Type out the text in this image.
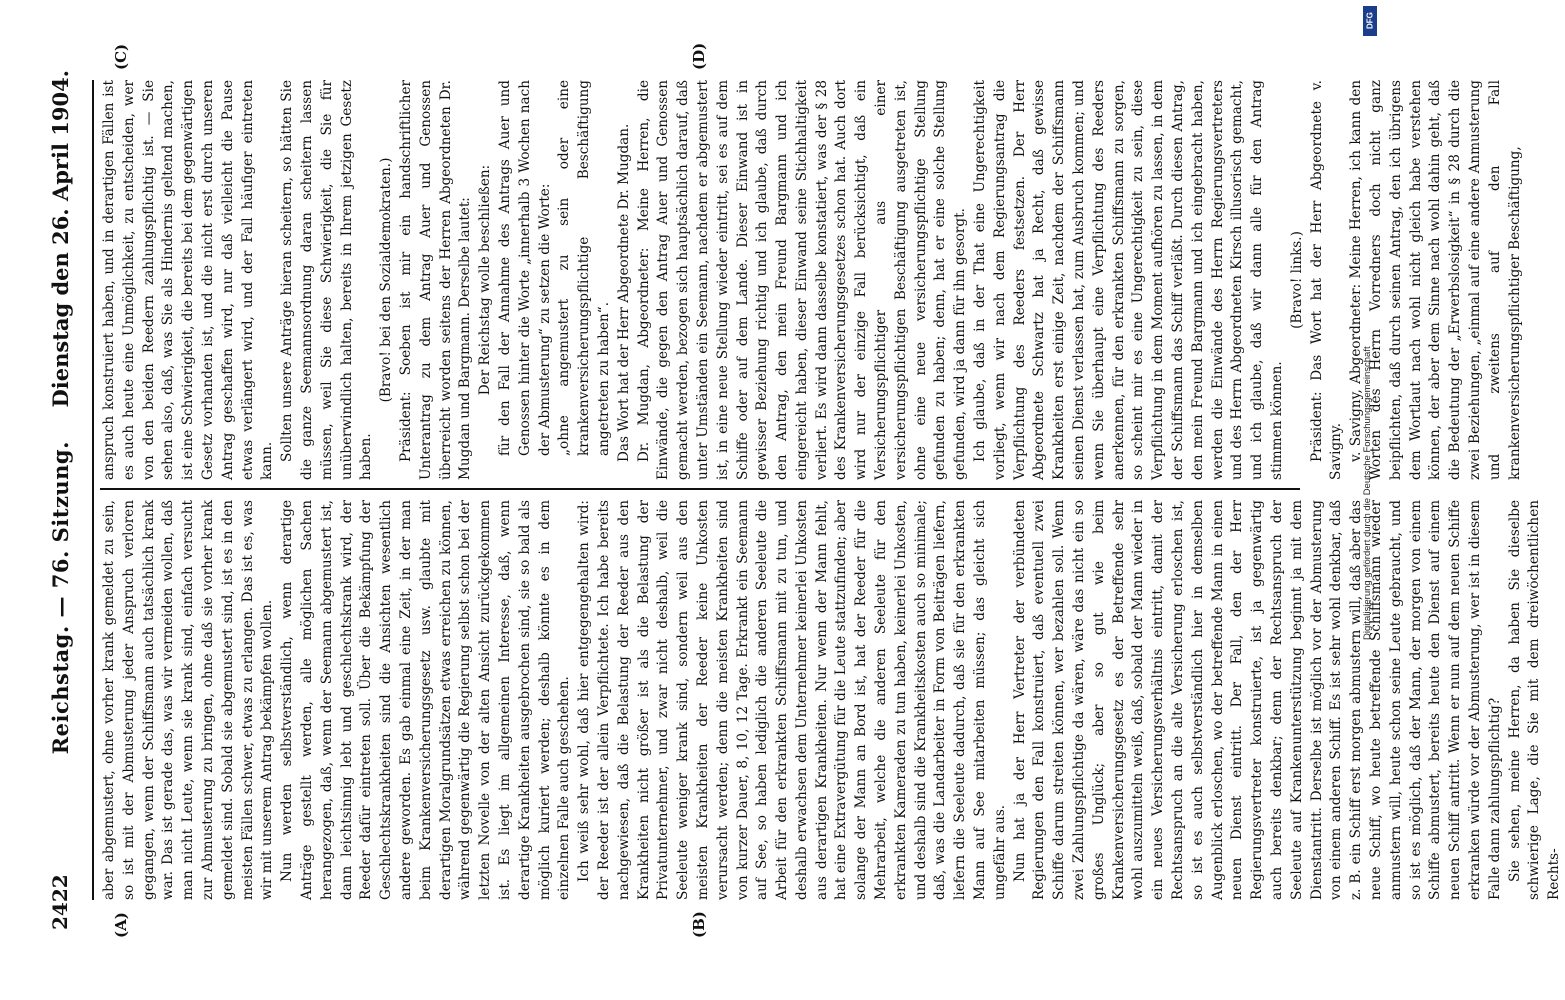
2422
Reichstag. — 76. Sitzung.
Dienstag den 26. April 1904.
(A)	(B)
(C)	(D)

aber abgemustert, ohne vorher krank gemeldet zu sein, so ist mit der Abmusterung jeder Anspruch verloren gegangen, wenn der Schiffsmann auch tatsächlich krank war. Das ist gerade das, was wir vermeiden wollen, daß man nicht Leute, wenn sie krank sind, einfach versucht zur Abmusterung zu bringen, ohne daß sie vorher krank gemeldet sind. Sobald sie abgemustert sind, ist es in den meisten Fällen schwer, etwas zu erlangen. Das ist es, was wir mit unserem Antrag bekämpfen wollen. Nun werden selbstverständlich, wenn derartige Anträge gestellt werden, alle möglichen Sachen herangezogen, daß, wenn der Seemann abgemustert ist, dann leichtsinnig lebt und geschlechtskrank wird, der Reeder dafür eintreten soll. Über die Bekämpfung der Geschlechtskrankheiten sind die Ansichten wesentlich andere geworden. Es gab einmal eine Zeit, in der man beim Krankenversicherungsgesetz usw. glaubte mit derartigen Moralgrundsätzen etwas erreichen zu können, während gegenwärtig die Regierung selbst schon bei der letzten Novelle von der alten Ansicht zurückgekommen ist. Es liegt im allgemeinen Interesse, daß, wenn derartige Krankheiten ausgebrochen sind, sie so bald als möglich kuriert werden; deshalb könnte es in dem einzelnen Falle auch geschehen. Ich weiß sehr wohl, daß hier entgegengehalten wird: der Reeder ist der allein Verpflichtete. Ich habe bereits nachgewiesen, daß die Belastung der Reeder aus den Krankheiten nicht größer ist als die Belastung der Privatunternehmer, und zwar nicht deshalb, weil die Seeleute weniger krank sind, sondern weil aus den meisten Krankheiten der Reeder keine Unkosten verursacht werden; denn die meisten Krankheiten sind von kurzer Dauer, 8, 10, 12 Tage. Erkrankt ein Seemann auf See, so haben lediglich die anderen Seeleute die Arbeit für den erkrankten Schiffsmann mit zu tun, und deshalb erwachsen dem Unternehmer keinerlei Unkosten aus derartigen Krankheiten. Nur wenn der Mann fehlt, hat eine Extravergütung für die Leute stattzufinden; aber solange der Mann an Bord ist, hat der Reeder für die Mehrarbeit, welche die anderen Seeleute für den erkrankten Kameraden zu tun haben, keinerlei Unkosten, und deshalb sind die Krankheitskosten auch so minimale; daß, was die Landarbeiter in Form von Beiträgen liefern, liefern die Seeleute dadurch, daß sie für den erkrankten Mann auf See mitarbeiten müssen; das gleicht sich ungefähr aus. Nun hat ja der Herr Vertreter der verbündeten Regierungen den Fall konstruiert, daß eventuell zwei Schiffe darum streiten können, wer bezahlen soll. Wenn zwei Zahlungspflichtige da wären, wäre das nicht ein so großes Unglück; aber so gut wie beim Krankenversicherungsgesetz es der Betreffende sehr wohl auszumitteln weiß, daß, sobald der Mann wieder in ein neues Versicherungsverhältnis eintritt, damit der Rechtsanspruch an die alte Versicherung erloschen ist, so ist es auch selbstverständlich hier in demselben Augenblick erloschen, wo der betreffende Mann in einen neuen Dienst eintritt. Der Fall, den der Herr Regierungsvertreter konstruierte, ist ja gegenwärtig auch bereits denkbar; denn der Rechtsanspruch der Seeleute auf Krankenunterstützung beginnt ja mit dem Dienstantritt. Derselbe ist möglich vor der Abmusterung von einem anderen Schiff. Es ist sehr wohl denkbar, daß z. B. ein Schiff erst morgen abmustern will, daß aber das neue Schiff, wo heute betreffende Schiffsmann wieder anmustern will, heute schon seine Leute gebraucht, und so ist es möglich, daß der Mann, der morgen von einem Schiffe abmustert, bereits heute den Dienst auf einem neuen Schiff antritt. Wenn er nun auf dem neuen Schiffe erkranken würde vor der Abmusterung, wer ist in diesem Falle dann zahlungspflichtig? Sie sehen, meine Herren, da haben Sie dieselbe schwierige Lage, die Sie mit dem dreiwöchentlichen Rechts-

anspruch konstruiert haben, und in derartigen Fällen ist es auch heute eine Unmöglichkeit, zu entscheiden, wer von den beiden Reedern zahlungspflichtig ist. — Sie sehen also, daß, was Sie als Hindernis geltend machen, ist eine Schwierigkeit, die bereits bei dem gegenwärtigen Gesetz vorhanden ist, und die nicht erst durch unseren Antrag geschaffen wird, nur daß vielleicht die Pause etwas verlängert wird, und der Fall häufiger eintreten kann. Sollten unsere Anträge hieran scheitern, so hätten Sie die ganze Seemannsordnung daran scheitern lassen müssen, weil Sie diese Schwierigkeit, die Sie für unüberwindlich halten, bereits in Ihrem jetzigen Gesetz haben.

(Bravo! bei den Sozialdemokraten.) Präsident: Soeben ist mir ein handschriftlicher Unterantrag zu dem Antrag Auer und Genossen überreicht worden seitens der Herren Abgeordneten Dr. Mugdan und Bargmann. Derselbe lautet: Der Reichstag wolle beschließen: für den Fall der Annahme des Antrags Auer und Genossen hinter die Worte „innerhalb 3 Wochen nach der Abmusterung“ zu setzen die Worte: „ohne angemustert zu sein oder eine krankenversicherungspflichtige Beschäftigung angetreten zu haben“. Das Wort hat der Herr Abgeordnete Dr. Mugdan. Dr. Mugdan, Abgeordneter: Meine Herren, die Einwände, die gegen den Antrag Auer und Genossen gemacht werden, bezogen sich hauptsächlich darauf, daß unter Umständen ein Seemann, nachdem er abgemustert ist, in eine neue Stellung wieder eintritt, sei es auf dem Schiffe oder auf dem Lande. Dieser Einwand ist in gewisser Beziehung richtig und ich glaube, daß durch den Antrag, den mein Freund Bargmann und ich eingereicht haben, dieser Einwand seine Stichhaltigkeit verliert. Es wird dann dasselbe konstatiert, was der § 28 des Krankenversicherungsgesetzes schon hat. Auch dort wird nur der einzige Fall berücksichtigt, daß ein Versicherungspflichtiger aus einer versicherungspflichtigen Beschäftigung ausgetreten ist, ohne eine neue versicherungspflichtige Stellung gefunden zu haben; denn, hat er eine solche Stellung gefunden, wird ja dann für ihn gesorgt. Ich glaube, daß in der That eine Ungerechtigkeit vorliegt, wenn wir nach dem Regierungsantrag die Verpflichtung des Reeders festsetzen. Der Herr Abgeordnete Schwartz hat ja Recht, daß gewisse Krankheiten erst einige Zeit, nachdem der Schiffsmann seinen Dienst verlassen hat, zum Ausbruch kommen; und wenn Sie überhaupt eine Verpflichtung des Reeders anerkennen, für den erkrankten Schiffsmann zu sorgen, so scheint mir es eine Ungerechtigkeit zu sein, diese Verpflichtung in dem Moment aufhören zu lassen, in dem der Schiffsmann das Schiff verläßt. Durch diesen Antrag, den mein Freund Bargmann und ich eingebracht haben, werden die Einwände des Herrn Regierungsvertreters und des Herrn Abgeordneten Kirsch illusorisch gemacht, und ich glaube, daß wir dann alle für den Antrag stimmen können.

(Bravo! links.) Präsident: Das Wort hat der Herr Abgeordnete v. Savigny. v. Savigny, Abgeordneter: Meine Herren, ich kann den Worten des Herrn Vorredners doch nicht ganz beipflichten, daß durch seinen Antrag, den ich übrigens dem Wortlaut nach wohl nicht gleich habe verstehen können, der aber dem Sinne nach wohl dahin geht, daß die Bedeutung der „Erwerbslosigkeit“ in § 28 durch die zwei Beziehungen, „einmal auf eine andere Anmusterung und zweitens auf den Fall krankenversicherungspflichtiger Beschäftigung,

DFG
Digitalisierung gefördert durch die Deutsche Forschungsgemeinschaft
